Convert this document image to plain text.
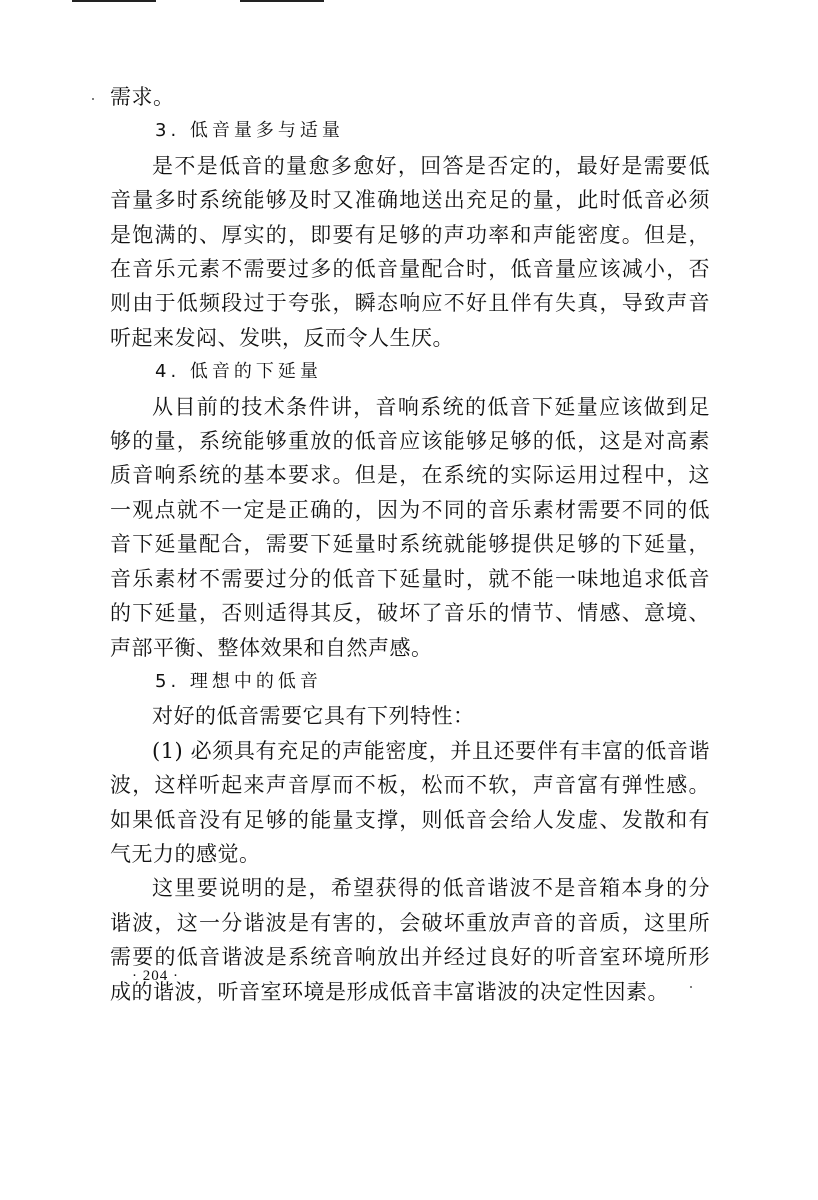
需求。

3. 低音量多与适量

是不是低音的量愈多愈好，回答是否定的，最好是需要低音量多时系统能够及时又准确地送出充足的量，此时低音必须是饱满的、厚实的，即要有足够的声功率和声能密度。但是，在音乐元素不需要过多的低音量配合时，低音量应该减小，否则由于低频段过于夸张，瞬态响应不好且伴有失真，导致声音听起来发闷、发哄，反而令人生厌。

4. 低音的下延量

从目前的技术条件讲，音响系统的低音下延量应该做到足够的量，系统能够重放的低音应该能够足够的低，这是对高素质音响系统的基本要求。但是，在系统的实际运用过程中，这一观点就不一定是正确的，因为不同的音乐素材需要不同的低音下延量配合，需要下延量时系统就能够提供足够的下延量，音乐素材不需要过分的低音下延量时，就不能一味地追求低音的下延量，否则适得其反，破坏了音乐的情节、情感、意境、声部平衡、整体效果和自然声感。

5. 理想中的低音

对好的低音需要它具有下列特性：

(1) 必须具有充足的声能密度，并且还要伴有丰富的低音谐波，这样听起来声音厚而不板，松而不软，声音富有弹性感。如果低音没有足够的能量支撑，则低音会给人发虚、发散和有气无力的感觉。

这里要说明的是，希望获得的低音谐波不是音箱本身的分谐波，这一分谐波是有害的，会破坏重放声音的音质，这里所需要的低音谐波是系统音响放出并经过良好的听音室环境所形成的谐波，听音室环境是形成低音丰富谐波的决定性因素。

· 204 ·
